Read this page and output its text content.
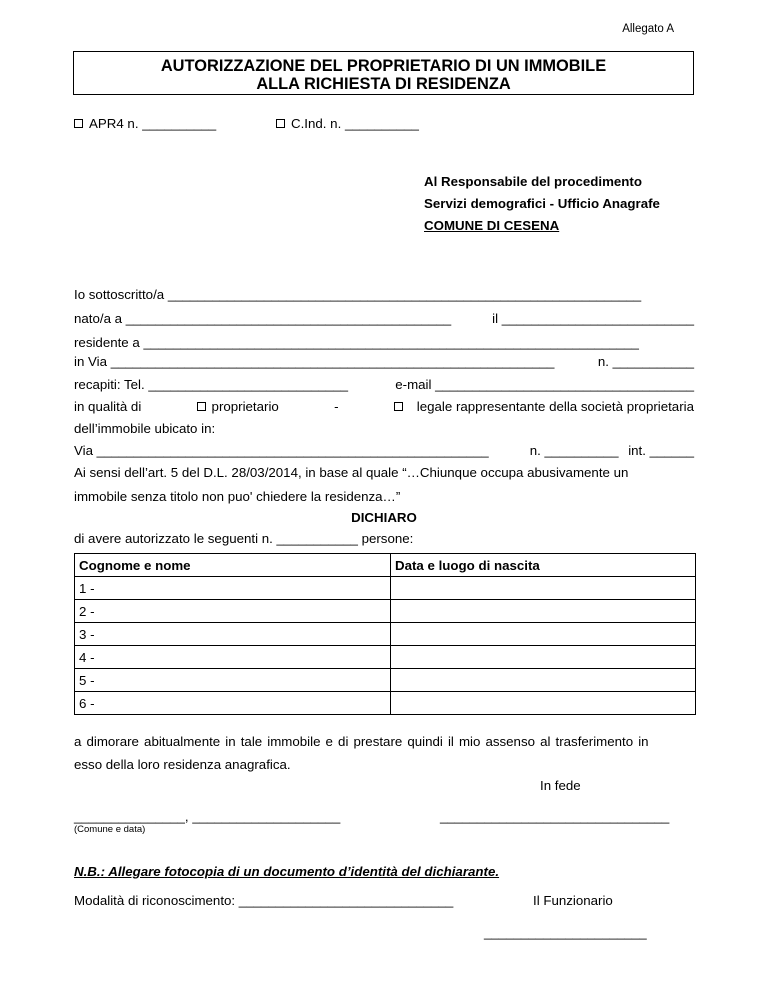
Allegato A
AUTORIZZAZIONE DEL PROPRIETARIO DI UN IMMOBILE
ALLA RICHIESTA DI RESIDENZA
APR4 n. __________	C.Ind. n. __________
Al Responsabile del procedimento
Servizi demografici - Ufficio Anagrafe
COMUNE DI CESENA
Io sottoscritto/a ________________________________________________________________
nato/a a ____________________________________________	il __________________________
residente a ___________________________________________________________________
in Via ____________________________________________________________	n. ___________
recapiti: Tel. ___________________________	e-mail ___________________________________
in qualità di	proprietario	-	legale rappresentante della società proprietaria
dell’immobile ubicato in:
Via _____________________________________________________	n. __________ int. ______
Ai sensi dell’art. 5 del D.L. 28/03/2014, in base al quale “…Chiunque occupa abusivamente un
immobile senza titolo non puo' chiedere la residenza…”
DICHIARO
di avere autorizzato le seguenti n. ___________ persone:
Cognome e nome	Data e luogo di nascita
1 -	
2 -	
3 -	
4 -	
5 -	
6 -	
a dimorare abitualmente in tale immobile e di prestare quindi il mio assenso al trasferimento in
esso della loro residenza anagrafica.
In fede
_______________, ____________________	_______________________________
(Comune e data)
N.B.: Allegare fotocopia di un documento d’identità del dichiarante.
Modalità di riconoscimento: _____________________________	Il Funzionario
______________________
